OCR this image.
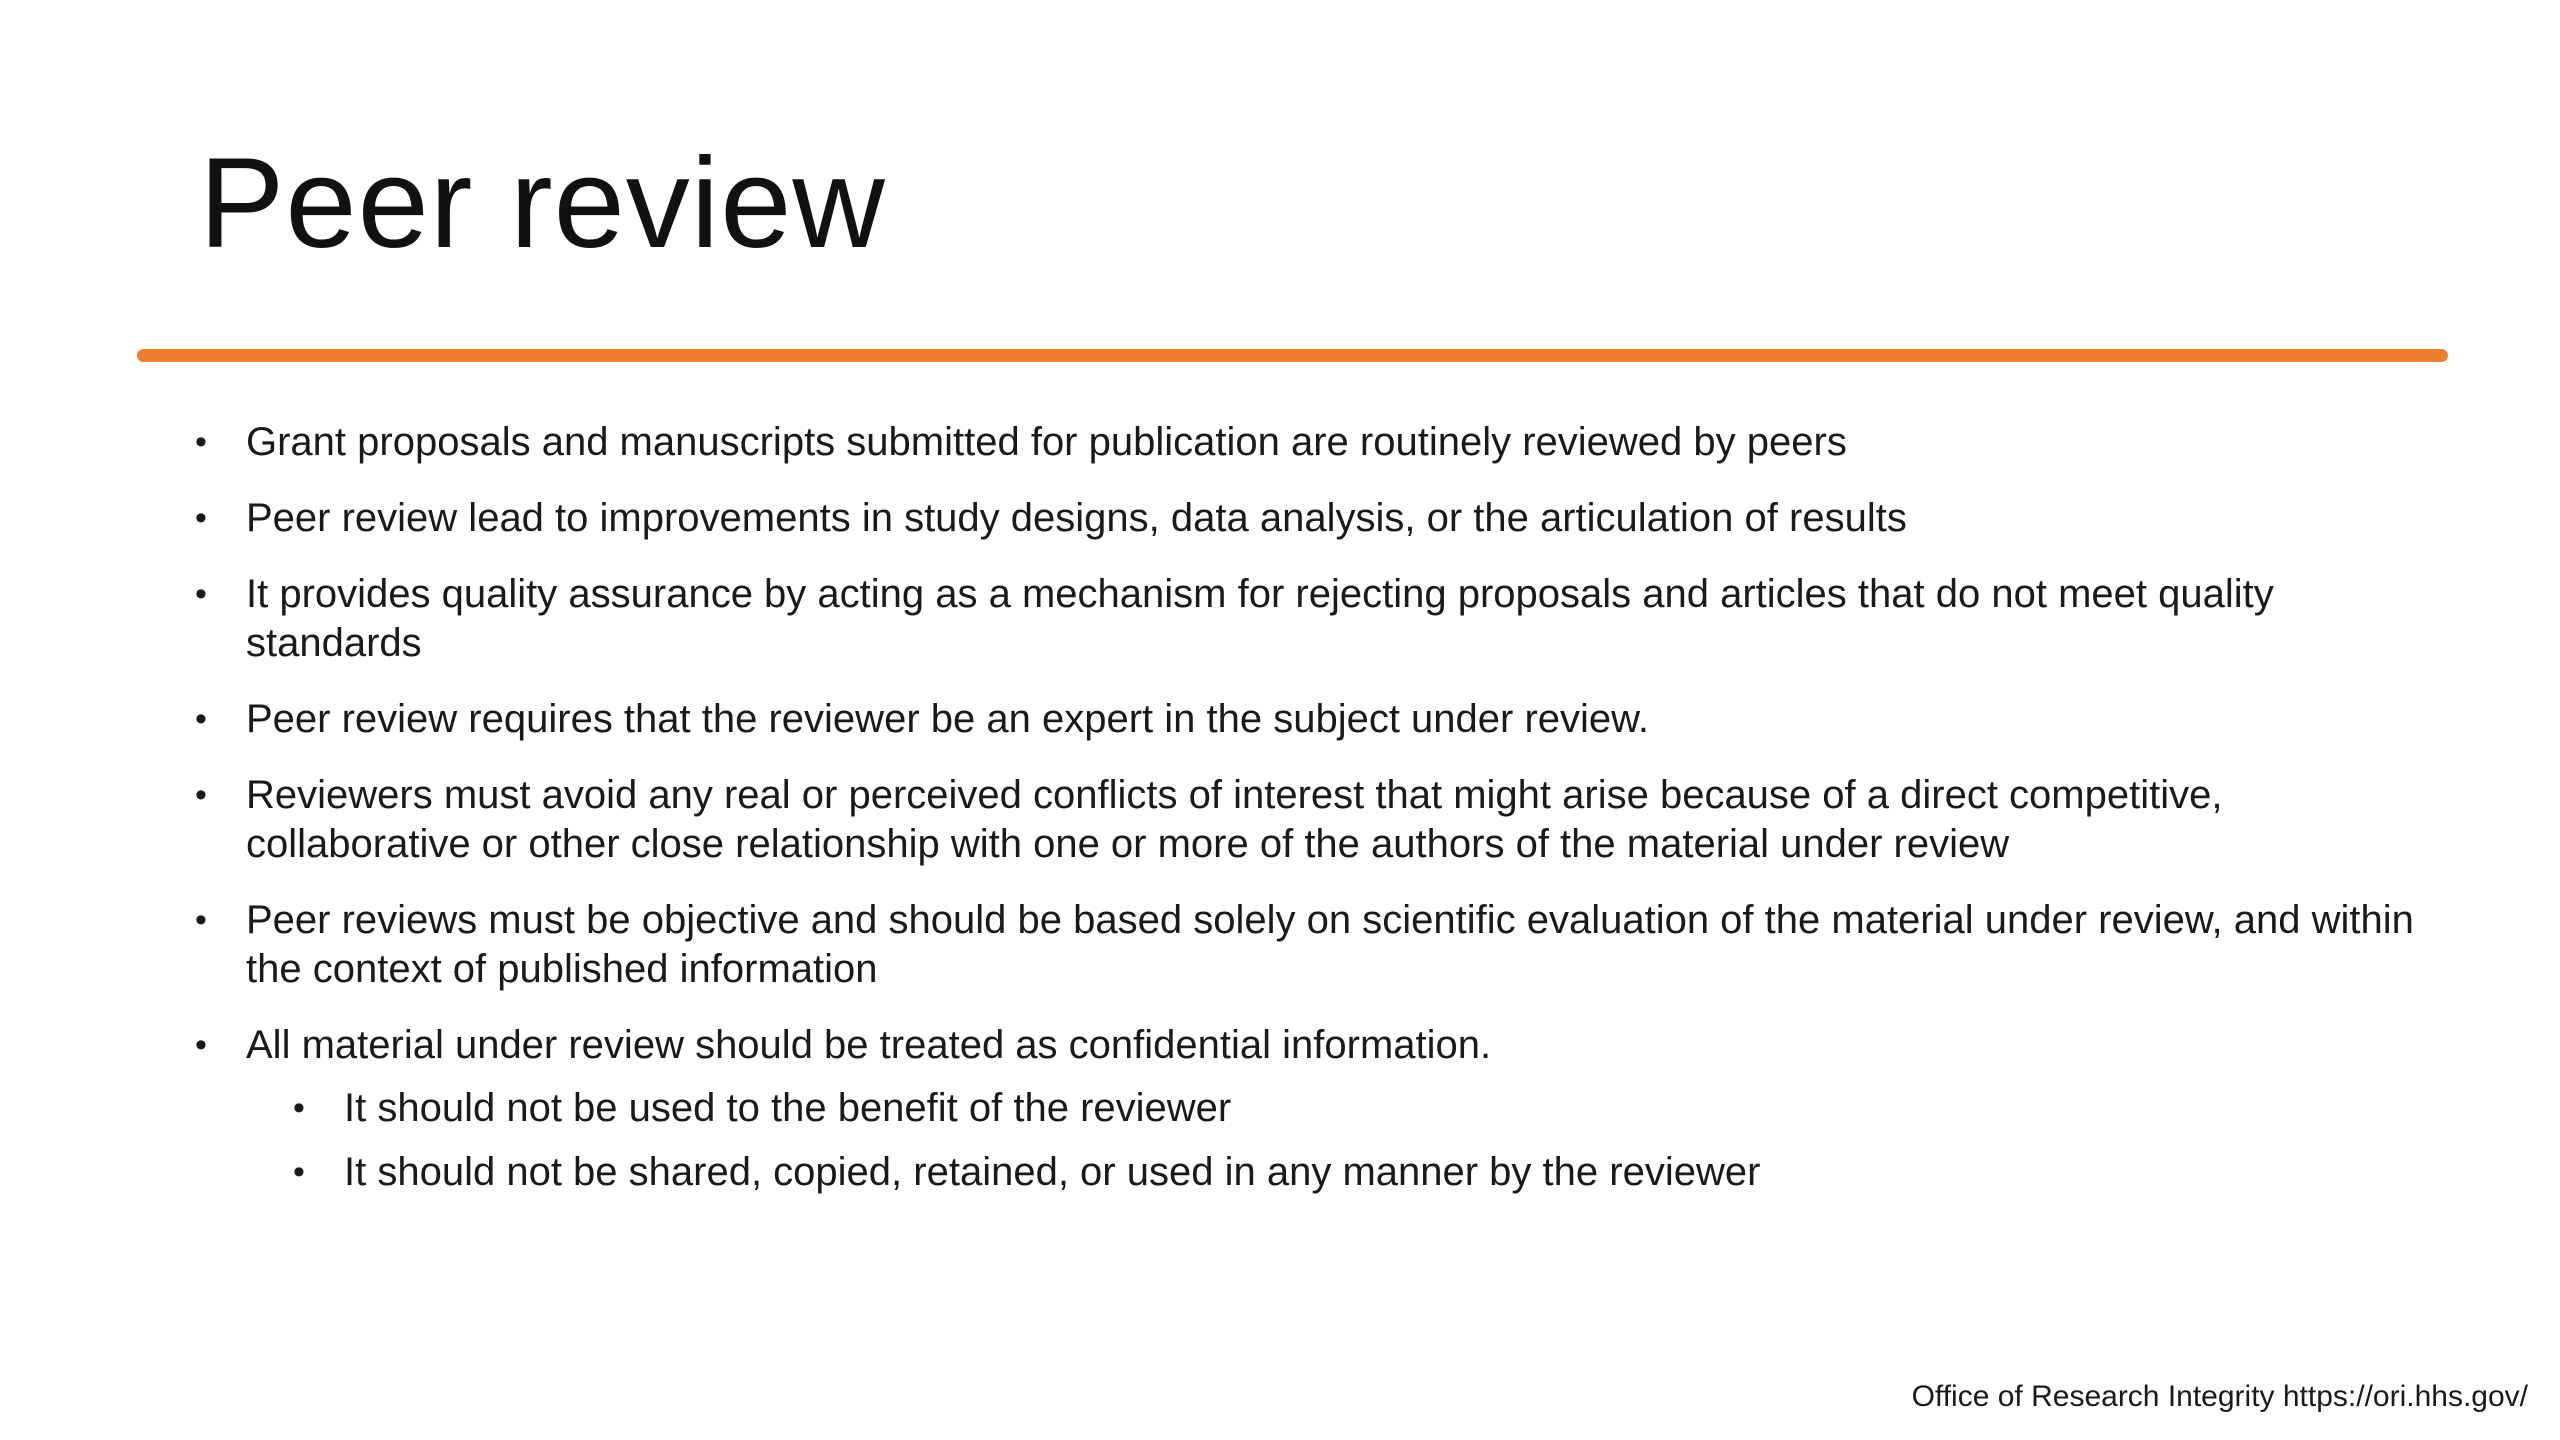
Peer review
• Grant proposals and manuscripts submitted for publication are routinely reviewed by peers
• Peer review lead to improvements in study designs, data analysis, or the articulation of results
• It provides quality assurance by acting as a mechanism for rejecting proposals and articles that do not meet quality standards
• Peer review requires that the reviewer be an expert in the subject under review.
• Reviewers must avoid any real or perceived conflicts of interest that might arise because of a direct competitive, collaborative or other close relationship with one or more of the authors of the material under review
• Peer reviews must be objective and should be based solely on scientific evaluation of the material under review, and within the context of published information
• All material under review should be treated as confidential information.
• It should not be used to the benefit of the reviewer
• It should not be shared, copied, retained, or used in any manner by the reviewer
Office of Research Integrity https://ori.hhs.gov/
